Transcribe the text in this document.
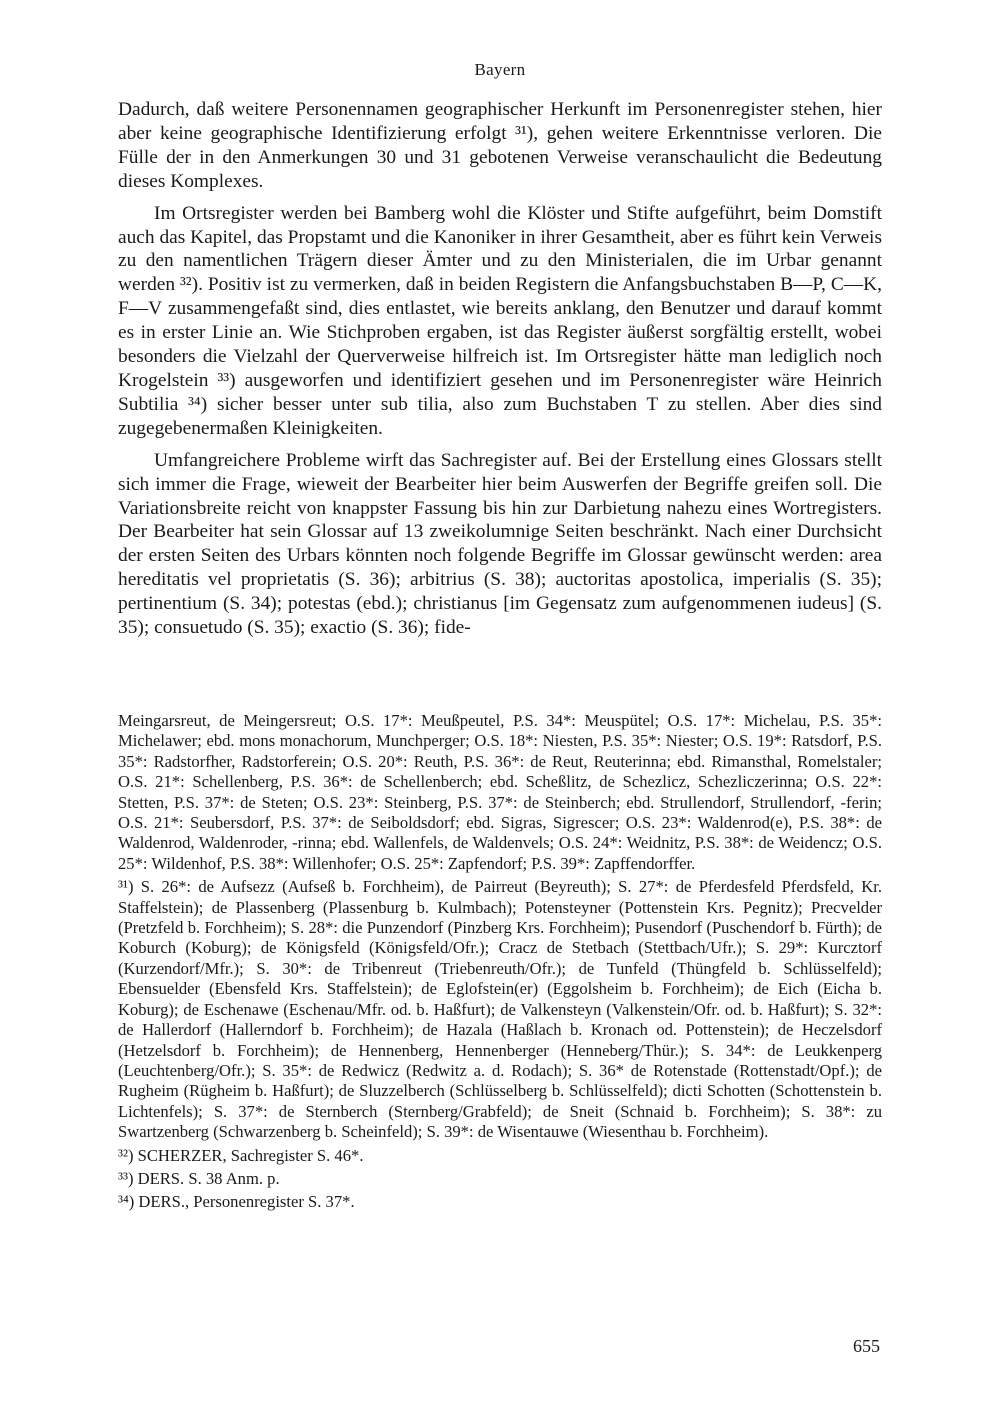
Bayern

Dadurch, daß weitere Personennamen geographischer Herkunft im Personenregister stehen, hier aber keine geographische Identifizierung erfolgt ³¹), gehen weitere Erkenntnisse verloren. Die Fülle der in den Anmerkungen 30 und 31 gebotenen Verweise veranschaulicht die Bedeutung dieses Komplexes.

Im Ortsregister werden bei Bamberg wohl die Klöster und Stifte aufgeführt, beim Domstift auch das Kapitel, das Propstamt und die Kanoniker in ihrer Gesamtheit, aber es führt kein Verweis zu den namentlichen Trägern dieser Ämter und zu den Ministerialen, die im Urbar genannt werden ³²). Positiv ist zu vermerken, daß in beiden Registern die Anfangsbuchstaben B—P, C—K, F—V zusammengefaßt sind, dies entlastet, wie bereits anklang, den Benutzer und darauf kommt es in erster Linie an. Wie Stichproben ergaben, ist das Register äußerst sorgfältig erstellt, wobei besonders die Vielzahl der Querverweise hilfreich ist. Im Ortsregister hätte man lediglich noch Krogelstein ³³) ausgeworfen und identifiziert gesehen und im Personenregister wäre Heinrich Subtilia ³⁴) sicher besser unter sub tilia, also zum Buchstaben T zu stellen. Aber dies sind zugegebenermaßen Kleinigkeiten.

Umfangreichere Probleme wirft das Sachregister auf. Bei der Erstellung eines Glossars stellt sich immer die Frage, wieweit der Bearbeiter hier beim Auswerfen der Begriffe greifen soll. Die Variationsbreite reicht von knappster Fassung bis hin zur Darbietung nahezu eines Wortregisters. Der Bearbeiter hat sein Glossar auf 13 zweikolumnige Seiten beschränkt. Nach einer Durchsicht der ersten Seiten des Urbars könnten noch folgende Begriffe im Glossar gewünscht werden: area hereditatis vel proprietatis (S. 36); arbitrius (S. 38); auctoritas apostolica, imperialis (S. 35); pertinentium (S. 34); potestas (ebd.); christianus [im Gegensatz zum aufgenommenen iudeus] (S. 35); consuetudo (S. 35); exactio (S. 36); fide-

Meingarsreut, de Meingersreut; O.S. 17*: Meußpeutel, P.S. 34*: Meuspütel; O.S. 17*: Michelau, P.S. 35*: Michelawer; ebd. mons monachorum, Munchperger; O.S. 18*: Niesten, P.S. 35*: Niester; O.S. 19*: Ratsdorf, P.S. 35*: Radstorfher, Radstorferein; O.S. 20*: Reuth, P.S. 36*: de Reut, Reuterinna; ebd. Rimansthal, Romelstaler; O.S. 21*: Schellenberg, P.S. 36*: de Schellenberch; ebd. Scheßlitz, de Schezlicz, Schezliczerinna; O.S. 22*: Stetten, P.S. 37*: de Steten; O.S. 23*: Steinberg, P.S. 37*: de Steinberch; ebd. Strullendorf, Strullendorf, -ferin; O.S. 21*: Seubersdorf, P.S. 37*: de Seiboldsdorf; ebd. Sigras, Sigrescer; O.S. 23*: Waldenrod(e), P.S. 38*: de Waldenrod, Waldenroder, -rinna; ebd. Wallenfels, de Waldenvels; O.S. 24*: Weidnitz, P.S. 38*: de Weidencz; O.S. 25*: Wildenhof, P.S. 38*: Willenhofer; O.S. 25*: Zapfendorf; P.S. 39*: Zapffendorffer.

³¹) S. 26*: de Aufsezz (Aufseß b. Forchheim), de Pairreut (Beyreuth); S. 27*: de Pferdesfeld Pferdsfeld, Kr. Staffelstein); de Plassenberg (Plassenburg b. Kulmbach); Potensteyner (Pottenstein Krs. Pegnitz); Precvelder (Pretzfeld b. Forchheim); S. 28*: die Punzendorf (Pinzberg Krs. Forchheim); Pusendorf (Puschendorf b. Fürth); de Koburch (Koburg); de Königsfeld (Königsfeld/Ofr.); Cracz de Stetbach (Stettbach/Ufr.); S. 29*: Kurcztorf (Kurzendorf/Mfr.); S. 30*: de Tribenreut (Triebenreuth/Ofr.); de Tunfeld (Thüngfeld b. Schlüsselfeld); Ebensuelder (Ebensfeld Krs. Staffelstein); de Eglofstein(er) (Eggolsheim b. Forchheim); de Eich (Eicha b. Koburg); de Eschenawe (Eschenau/Mfr. od. b. Haßfurt); de Valkensteyn (Valkenstein/Ofr. od. b. Haßfurt); S. 32*: de Hallerdorf (Hallerndorf b. Forchheim); de Hazala (Haßlach b. Kronach od. Pottenstein); de Heczelsdorf (Hetzelsdorf b. Forchheim); de Hennenberg, Hennenberger (Henneberg/Thür.); S. 34*: de Leukkenperg (Leuchtenberg/Ofr.); S. 35*: de Redwicz (Redwitz a. d. Rodach); S. 36* de Rotenstade (Rottenstadt/Opf.); de Rugheim (Rügheim b. Haßfurt); de Sluzzelberch (Schlüsselberg b. Schlüsselfeld); dicti Schotten (Schottenstein b. Lichtenfels); S. 37*: de Sternberch (Sternberg/Grabfeld); de Sneit (Schnaid b. Forchheim); S. 38*: zu Swartzenberg (Schwarzenberg b. Scheinfeld); S. 39*: de Wisentauwe (Wiesenthau b. Forchheim).

³²) SCHERZER, Sachregister S. 46*.

³³) DERS. S. 38 Anm. p.

³⁴) DERS., Personenregister S. 37*.

655
